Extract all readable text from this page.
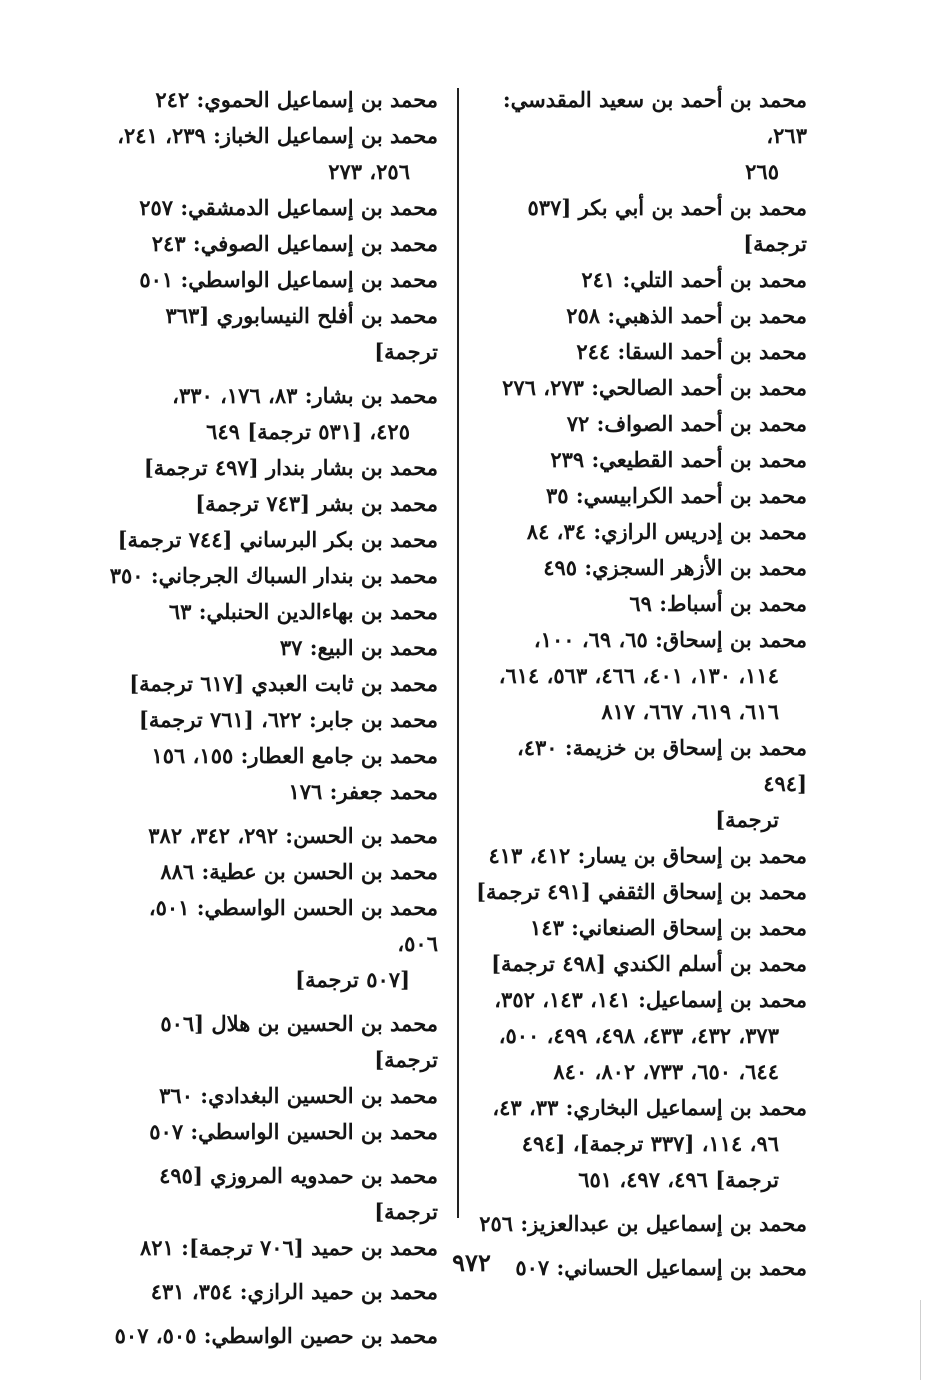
محمد بن أحمد بن سعيد المقدسي: ٢٦٣،
٢٦٥

محمد بن أحمد بن أبي بكر [٥٣٧ ترجمة]

محمد بن أحمد التلي: ٢٤١

محمد بن أحمد الذهبي: ٢٥٨

محمد بن أحمد السقا: ٢٤٤

محمد بن أحمد الصالحي: ٢٧٣، ٢٧٦

محمد بن أحمد الصواف: ٧٢

محمد بن أحمد القطيعي: ٢٣٩

محمد بن أحمد الكرابيسي: ٣٥

محمد بن إدريس الرازي: ٣٤، ٨٤

محمد بن الأزهر السجزي: ٤٩٥

محمد بن أسباط: ٦٩

محمد بن إسحاق: ٦٥، ٦٩، ١٠٠،
١١٤، ١٣٠، ٤٠١، ٤٦٦، ٥٦٣، ٦١٤، ٦١٦، ٦١٩، ٦٦٧، ٨١٧

محمد بن إسحاق بن خزيمة: ٤٣٠، [٤٩٤
ترجمة]

محمد بن إسحاق بن يسار: ٤١٢، ٤١٣

محمد بن إسحاق الثقفي [٤٩١ ترجمة]

محمد بن إسحاق الصنعاني: ١٤٣

محمد بن أسلم الكندي [٤٩٨ ترجمة]

محمد بن إسماعيل: ١٤١، ١٤٣، ٣٥٢،
٣٧٣، ٤٣٢، ٤٣٣، ٤٩٨، ٤٩٩، ٥٠٠، ٦٤٤، ٦٥٠، ٧٣٣، ٨٠٢، ٨٤٠

محمد بن إسماعيل البخاري: ٣٣، ٤٣،
٩٦، ١١٤، [٣٣٧ ترجمة]، [٤٩٤ ترجمة] ٤٩٦، ٤٩٧، ٦٥١

محمد بن إسماعيل بن عبدالعزيز: ٢٥٦

محمد بن إسماعيل الحساني: ٥٠٧

محمد بن إسماعيل الحموي: ٢٤٢

محمد بن إسماعيل الخباز: ٢٣٩، ٢٤١،
٢٥٦، ٢٧٣

محمد بن إسماعيل الدمشقي: ٢٥٧

محمد بن إسماعيل الصوفي: ٢٤٣

محمد بن إسماعيل الواسطي: ٥٠١

محمد بن أفلح النيسابوري [٣٦٣ ترجمة]

محمد بن بشار: ٨٣، ١٧٦، ٣٣٠،
٤٢٥، [٥٣١ ترجمة] ٦٤٩

محمد بن بشار بندار [٤٩٧ ترجمة]

محمد بن بشر [٧٤٣ ترجمة]

محمد بن بكر البرساني [٧٤٤ ترجمة]

محمد بن بندار السباك الجرجاني: ٣٥٠

محمد بن بهاءالدين الحنبلي: ٦٣

محمد بن البيع: ٣٧

محمد بن ثابت العبدي [٦١٧ ترجمة]

محمد بن جابر: ٦٢٢، [٧٦١ ترجمة]

محمد بن جامع العطار: ١٥٥، ١٥٦

محمد جعفر: ١٧٦

محمد بن الحسن: ٢٩٢، ٣٤٢، ٣٨٢

محمد بن الحسن بن عطية: ٨٨٦

محمد بن الحسن الواسطي: ٥٠١، ٥٠٦،
[٥٠٧ ترجمة]

محمد بن الحسين بن هلال [٥٠٦ ترجمة]

محمد بن الحسين البغدادي: ٣٦٠

محمد بن الحسين الواسطي: ٥٠٧

محمد بن حمدويه المروزي [٤٩٥ ترجمة]

محمد بن حميد [٧٠٦ ترجمة]: ٨٢١

محمد بن حميد الرازي: ٣٥٤، ٤٣١

محمد بن حصين الواسطي: ٥٠٥، ٥٠٧

٩٧٢
